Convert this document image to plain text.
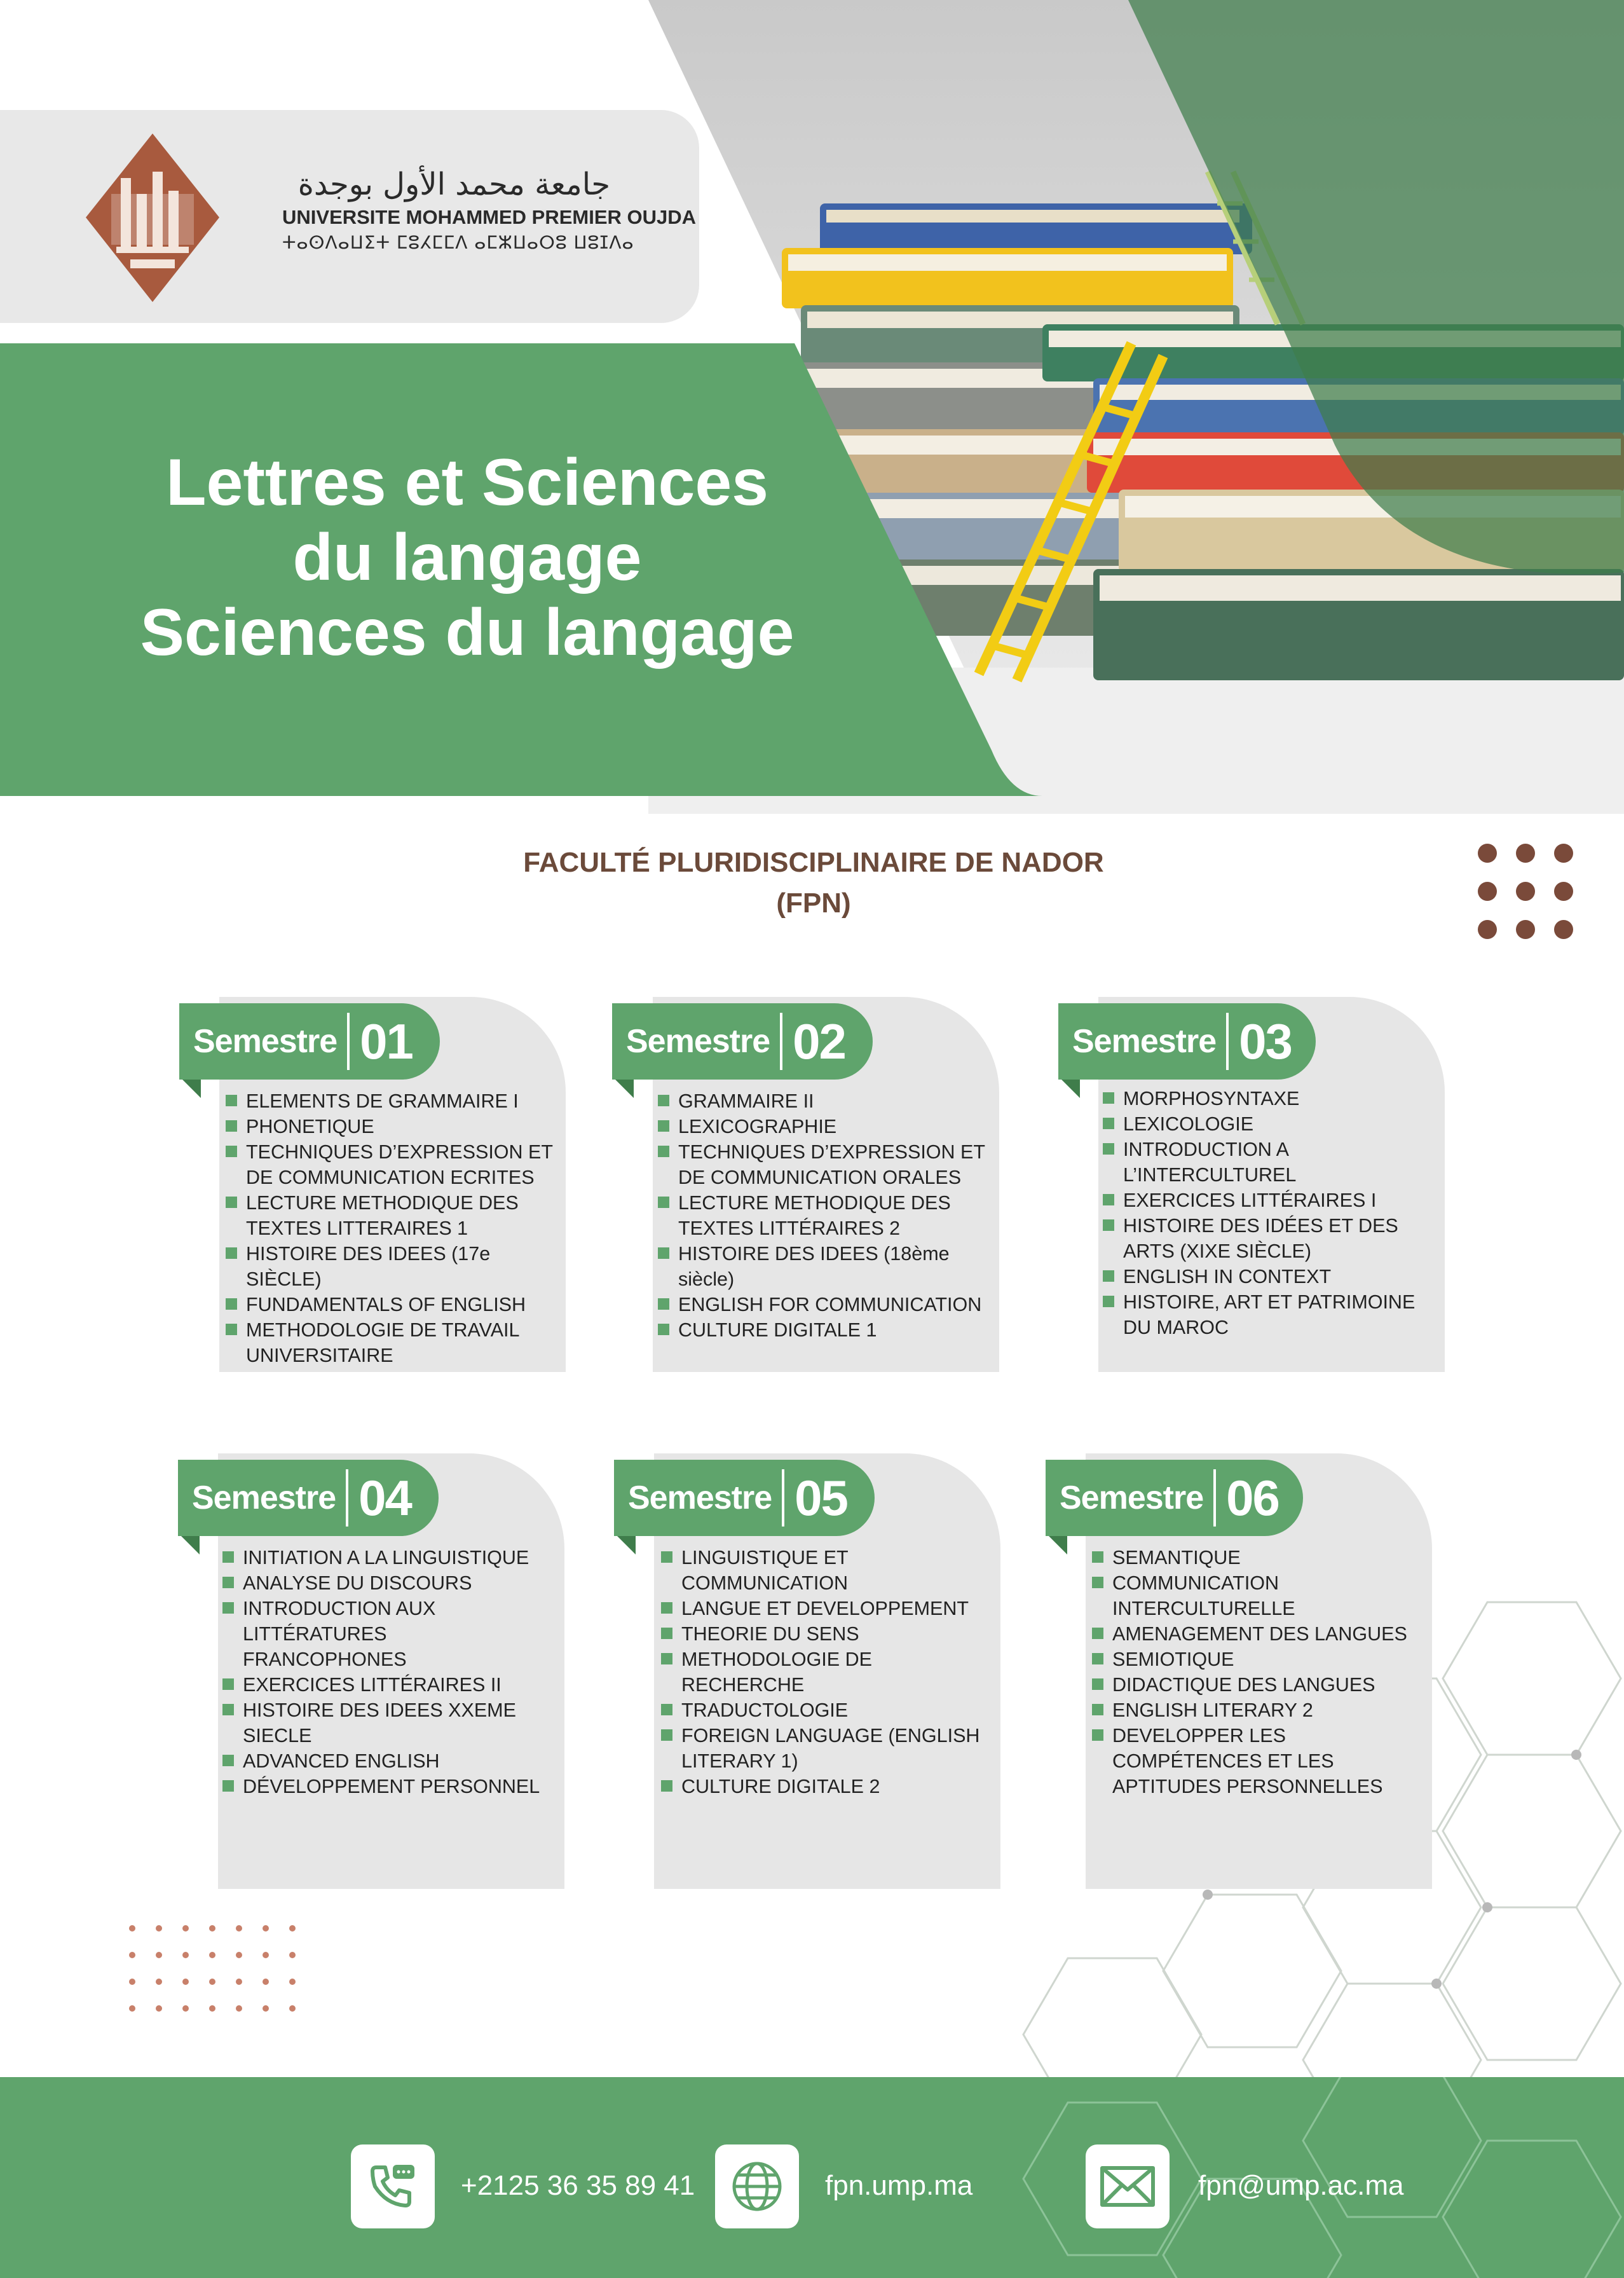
جامعة محمد الأول بوجدة
UNIVERSITE MOHAMMED PREMIER OUJDA
ⵜⴰⵙⴷⴰⵡⵉⵜ ⵎⵓⵃⵎⵎⴷ ⴰⵎⵣⵡⴰⵔⵓ ⵡⵓⵊⴷⴰ
Lettres et Sciences
du langage
Sciences du langage
FACULTÉ PLURIDISCIPLINAIRE DE NADOR
(FPN)
Semestre 01
ELEMENTS DE GRAMMAIRE I
PHONETIQUE
TECHNIQUES D’EXPRESSION ET DE COMMUNICATION ECRITES
LECTURE METHODIQUE DES TEXTES LITTERAIRES 1
HISTOIRE DES IDEES (17e SIÈCLE)
FUNDAMENTALS OF ENGLISH
METHODOLOGIE DE TRAVAIL UNIVERSITAIRE
Semestre 02
GRAMMAIRE II
LEXICOGRAPHIE
TECHNIQUES D’EXPRESSION ET DE COMMUNICATION ORALES
LECTURE METHODIQUE DES TEXTES LITTÉRAIRES 2
HISTOIRE DES IDEES (18ème siècle)
ENGLISH FOR COMMUNICATION
CULTURE DIGITALE 1
Semestre 03
MORPHOSYNTAXE
LEXICOLOGIE
INTRODUCTION A L’INTERCULTUREL
EXERCICES LITTÉRAIRES I
HISTOIRE DES IDÉES ET DES ARTS (XIXE SIÈCLE)
ENGLISH IN CONTEXT
HISTOIRE, ART ET PATRIMOINE DU MAROC
Semestre 04
INITIATION A LA LINGUISTIQUE
ANALYSE DU DISCOURS
INTRODUCTION AUX LITTÉRATURES FRANCOPHONES
EXERCICES LITTÉRAIRES II
HISTOIRE DES IDEES XXEME SIECLE
ADVANCED ENGLISH
DÉVELOPPEMENT PERSONNEL
Semestre 05
LINGUISTIQUE ET COMMUNICATION
LANGUE ET DEVELOPPEMENT
THEORIE DU SENS
METHODOLOGIE DE RECHERCHE
TRADUCTOLOGIE
FOREIGN LANGUAGE (ENGLISH LITERARY 1)
CULTURE DIGITALE 2
Semestre 06
SEMANTIQUE
COMMUNICATION INTERCULTURELLE
AMENAGEMENT DES LANGUES
SEMIOTIQUE
DIDACTIQUE DES LANGUES
ENGLISH LITERARY 2
DEVELOPPER LES COMPÉTENCES ET LES APTITUDES PERSONNELLES
+2125 36 35 89 41	fpn.ump.ma	fpn@ump.ac.ma
